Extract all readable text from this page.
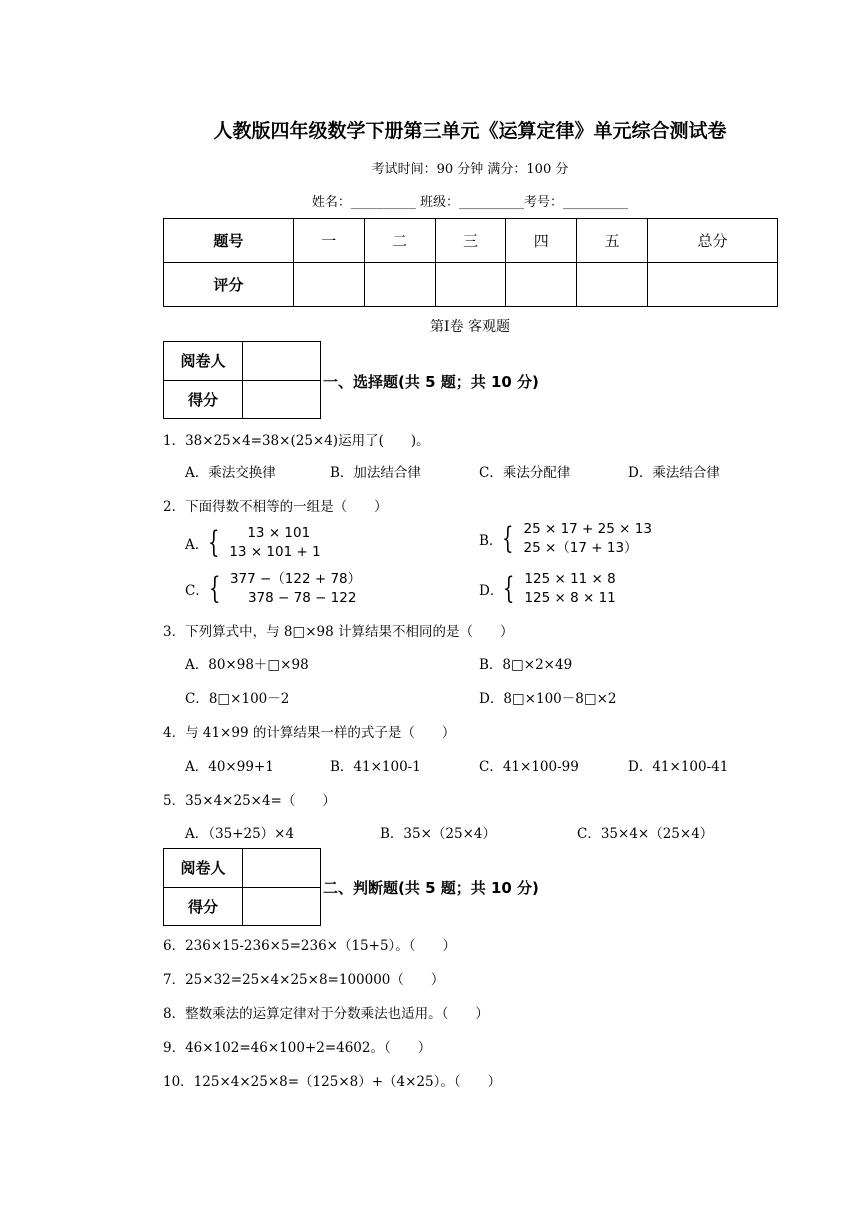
人教版四年级数学下册第三单元《运算定律》单元综合测试卷
考试时间：90 分钟 满分：100 分
姓名：__________ 班级：__________考号：__________
题号	一	二	三	四	五	总分
评分						
第Ⅰ卷 客观题
阅卷人	
得分	
一、选择题(共 5 题；共 10 分)
1．38×25×4=38×(25×4)运用了(　　)。
A．乘法交换律	B．加法结合律	C．乘法分配律	D．乘法结合律
2．下面得数不相等的一组是（　　）
A．{ 13 × 101
13 × 101 + 1
B．{ 25 × 17 + 25 × 13
25 ×（17 + 13）
C．{ 377 −（122 + 78）
378 − 78 − 122	D．{ 125 × 11 × 8
125 × 8 × 11
3．下列算式中，与 8□×98 计算结果不相同的是（　　）
A．80×98＋□×98	B．8□×2×49
C．8□×100－2	D．8□×100－8□×2
4．与 41×99 的计算结果一样的式子是（　　）
A．40×99+1	B．41×100-1	C．41×100-99	D．41×100-41
5．35×4×25×4=（　　）
A．（35+25）×4	B．35×（25×4）	C．35×4×（25×4）
阅卷人	
得分	
二、判断题(共 5 题；共 10 分)
6．236×15-236×5=236×（15+5）。（　　）
7．25×32=25×4×25×8=100000（　　）
8．整数乘法的运算定律对于分数乘法也适用。（　　）
9．46×102=46×100+2=4602。（　　）
10．125×4×25×8=（125×8）+（4×25）。（　　）
